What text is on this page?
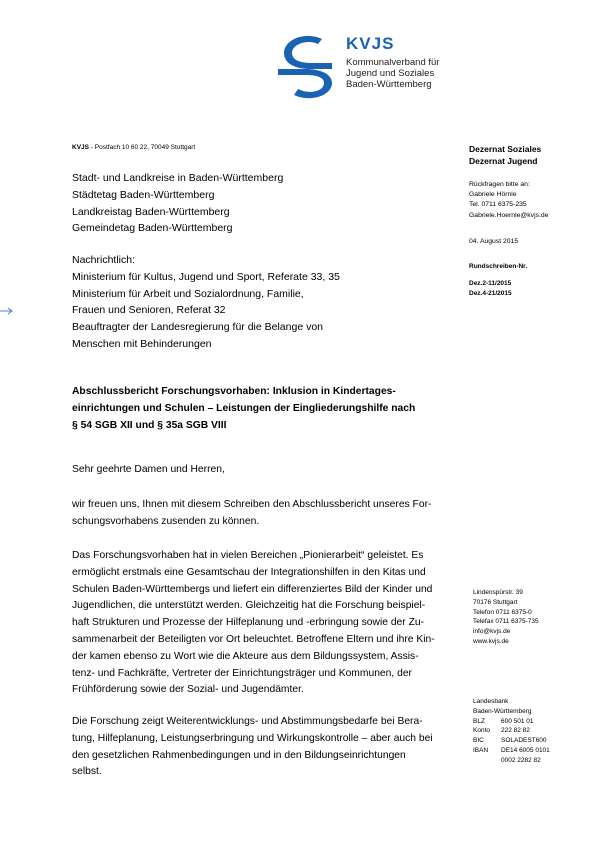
KVJS
Kommunalverband für
Jugend und Soziales
Baden-Württemberg
KVJS - Postfach 10 60 22, 70049 Stuttgart
Stadt- und Landkreise in Baden-Württemberg
Städtetag Baden-Württemberg
Landkreistag Baden-Württemberg
Gemeindetag Baden-Württemberg
Nachrichtlich:
Ministerium für Kultus, Jugend und Sport, Referate 33, 35
Ministerium für Arbeit und Sozialordnung, Familie,
Frauen und Senioren, Referat 32
Beauftragter der Landesregierung für die Belange von
Menschen mit Behinderungen
Dezernat Soziales
Dezernat Jugend
Rückfragen bitte an:
Gabriele Hörnle
Tel. 0711 6375-235
Gabriele.Hoernle@kvjs.de
04. August 2015
Rundschreiben-Nr.
Dez.2-11/2015
Dez.4-21/2015
Lindenspürstr. 39
70176 Stuttgart
Telefon 0711 6375-0
Telefax 0711 6375-735
info@kvjs.de
www.kvjs.de
Landesbank
Baden-Württemberg
BLZ	600 501 01
Konto	222 82 82
BIC	SOLADEST600
IBAN	DE14 6005 0101
0002 2282 82
Abschlussbericht Forschungsvorhaben: Inklusion in Kindertages-
einrichtungen und Schulen – Leistungen der Eingliederungshilfe nach
§ 54 SGB XII und § 35a SGB VIII
Sehr geehrte Damen und Herren,
wir freuen uns, Ihnen mit diesem Schreiben den Abschlussbericht unseres For-
schungsvorhabens zusenden zu können.
Das Forschungsvorhaben hat in vielen Bereichen „Pionierarbeit“ geleistet. Es
ermöglicht erstmals eine Gesamtschau der Integrationshilfen in den Kitas und
Schulen Baden-Württembergs und liefert ein differenziertes Bild der Kinder und
Jugendlichen, die unterstützt werden. Gleichzeitig hat die Forschung beispiel-
haft Strukturen und Prozesse der Hilfeplanung und -erbringung sowie der Zu-
sammenarbeit der Beteiligten vor Ort beleuchtet. Betroffene Eltern und ihre Kin-
der kamen ebenso zu Wort wie die Akteure aus dem Bildungssystem, Assis-
tenz- und Fachkräfte, Vertreter der Einrichtungsträger und Kommunen, der
Frühförderung sowie der Sozial- und Jugendämter.
Die Forschung zeigt Weiterentwicklungs- und Abstimmungsbedarfe bei Bera-
tung, Hilfeplanung, Leistungserbringung und Wirkungskontrolle – aber auch bei
den gesetzlichen Rahmenbedingungen und in den Bildungseinrichtungen
selbst.
